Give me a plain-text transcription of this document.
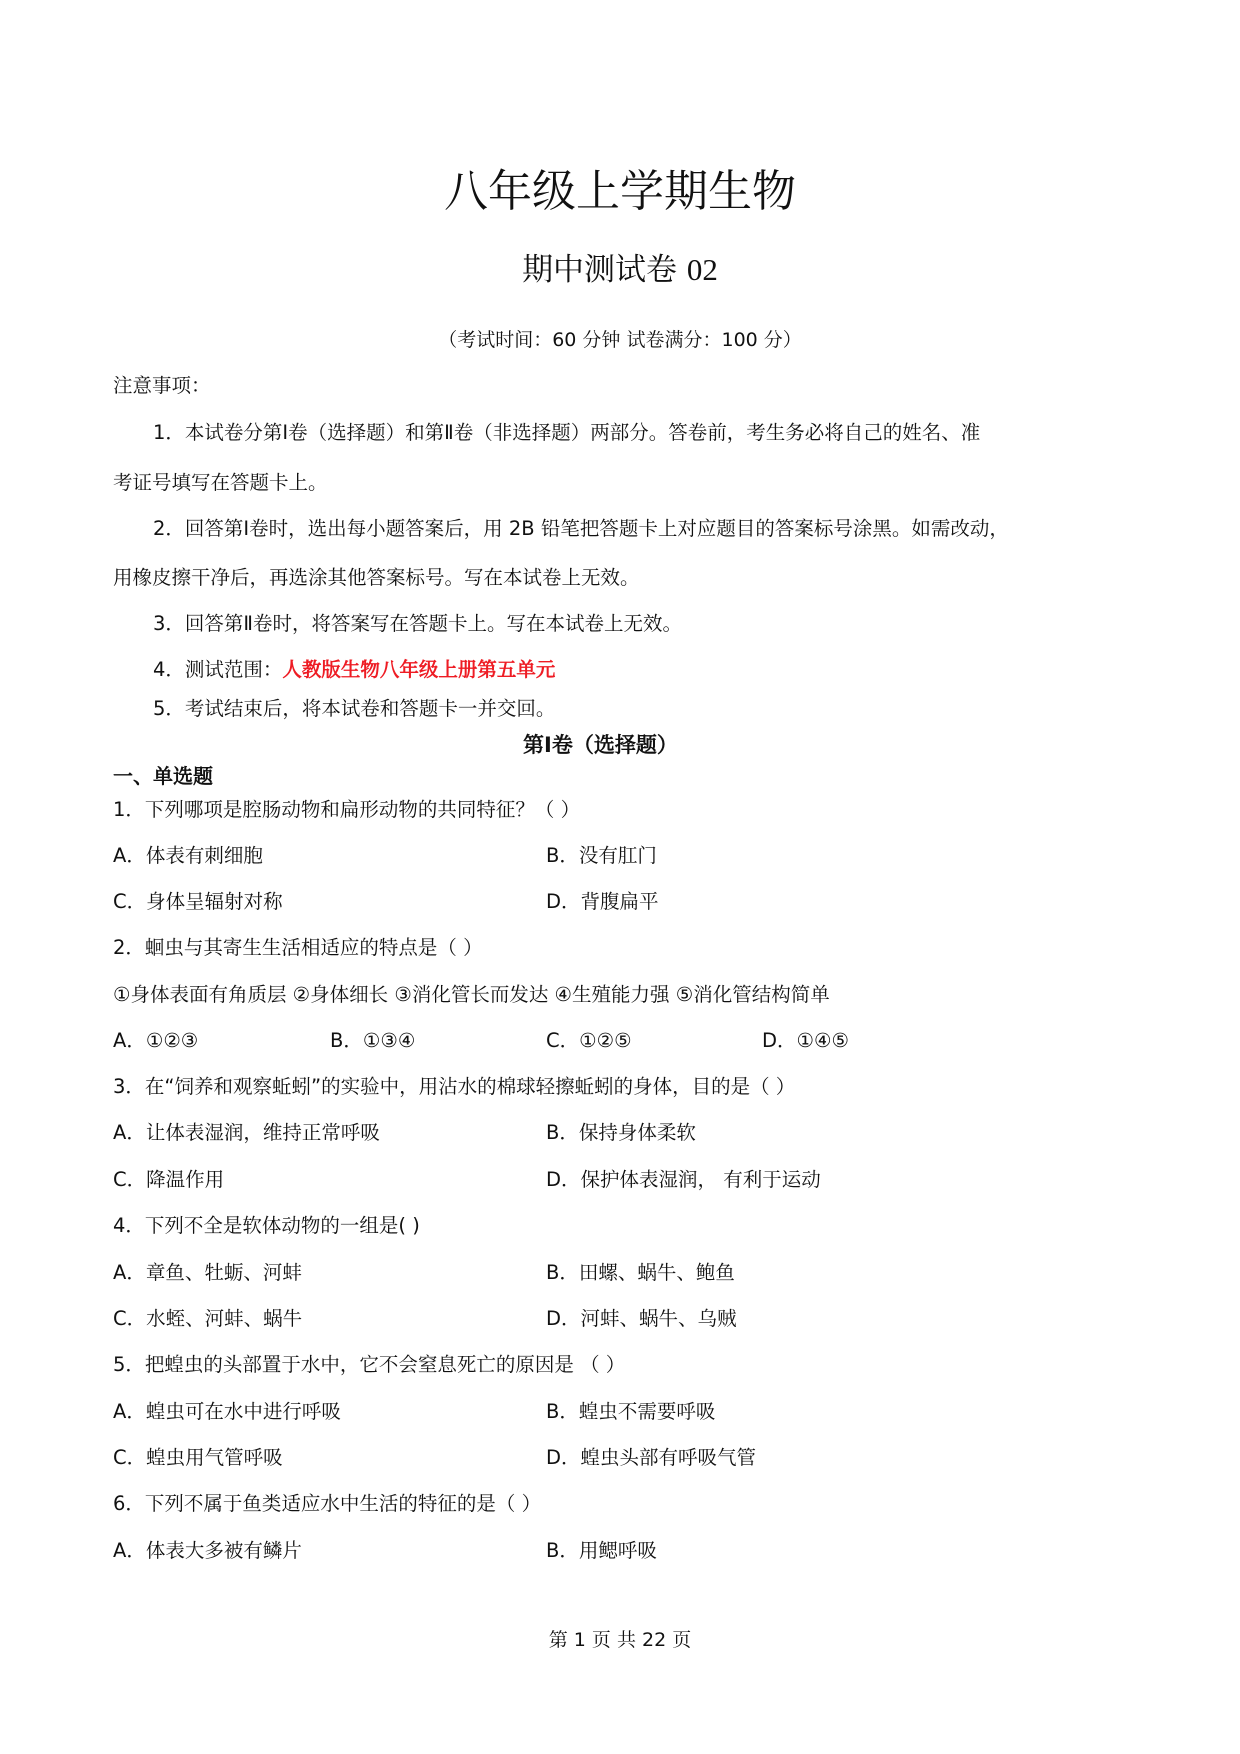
八年级上学期生物
期中测试卷 02
（考试时间：60 分钟 试卷满分：100 分）
注意事项：
1．本试卷分第Ⅰ卷（选择题）和第Ⅱ卷（非选择题）两部分。答卷前，考生务必将自己的姓名、准
考证号填写在答题卡上。
2．回答第Ⅰ卷时，选出每小题答案后，用 2B 铅笔把答题卡上对应题目的答案标号涂黑。如需改动，
用橡皮擦干净后，再选涂其他答案标号。写在本试卷上无效。
3．回答第Ⅱ卷时，将答案写在答题卡上。写在本试卷上无效。
4．测试范围：人教版生物八年级上册第五单元
5．考试结束后，将本试卷和答题卡一并交回。
第Ⅰ卷（选择题）
一、单选题
1．下列哪项是腔肠动物和扁形动物的共同特征？（ ）
A．体表有刺细胞	B．没有肛门
C．身体呈辐射对称	D．背腹扁平
2．蛔虫与其寄生生活相适应的特点是（ ）
①身体表面有角质层 ②身体细长 ③消化管长而发达 ④生殖能力强 ⑤消化管结构简单
A．①②③	B．①③④	C．①②⑤	D．①④⑤
3．在“饲养和观察蚯蚓”的实验中，用沾水的棉球轻擦蚯蚓的身体，目的是（ ）
A．让体表湿润，维持正常呼吸	B．保持身体柔软
C．降温作用	D．保护体表湿润， 有利于运动
4．下列不全是软体动物的一组是( )
A．章鱼、牡蛎、河蚌	B．田螺、蜗牛、鲍鱼
C．水蛭、河蚌、蜗牛	D．河蚌、蜗牛、乌贼
5．把蝗虫的头部置于水中，它不会窒息死亡的原因是 （ ）
A．蝗虫可在水中进行呼吸	B．蝗虫不需要呼吸
C．蝗虫用气管呼吸	D．蝗虫头部有呼吸气管
6．下列不属于鱼类适应水中生活的特征的是（ ）
A．体表大多被有鳞片	B．用鳃呼吸
第 1 页 共 22 页
